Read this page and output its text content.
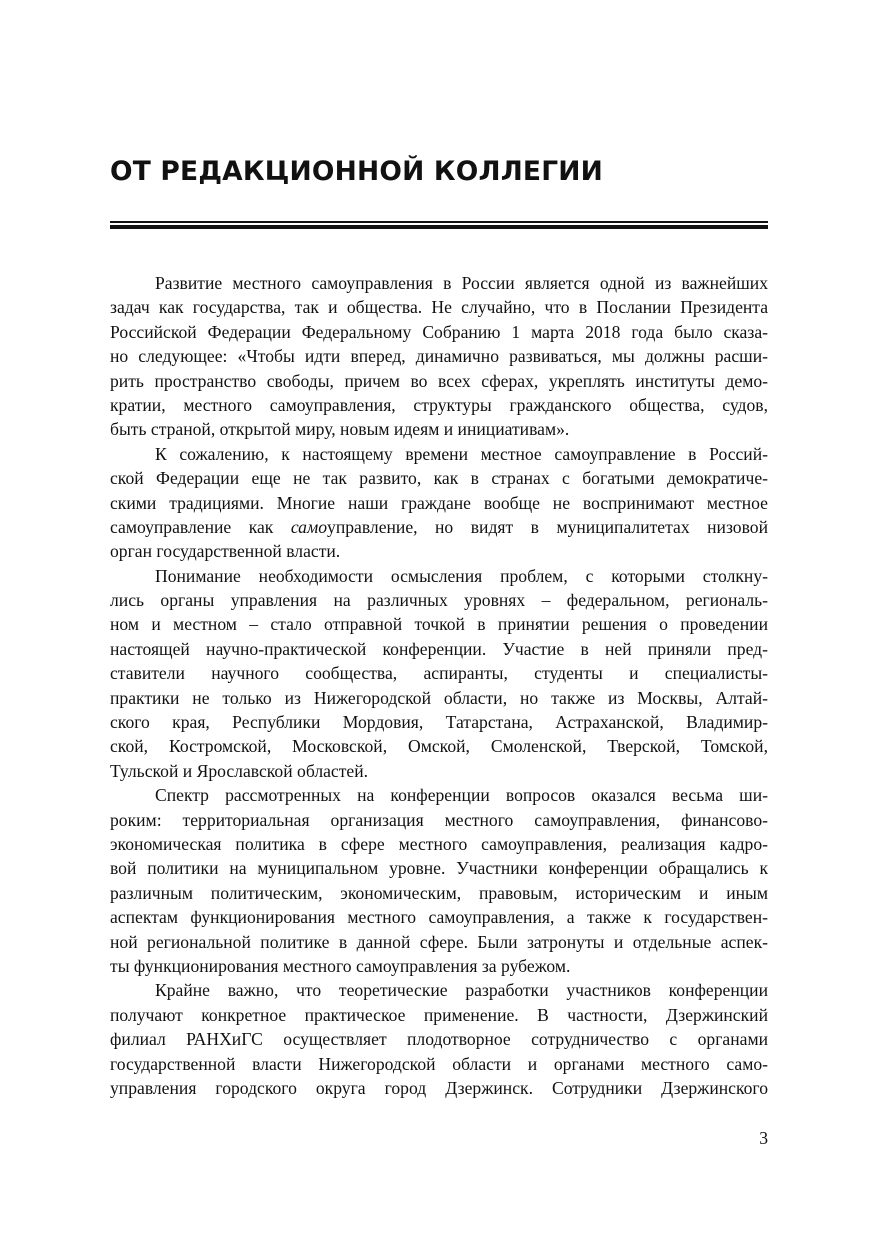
ОТ РЕДАКЦИОННОЙ КОЛЛЕГИИ

Развитие местного самоуправления в России является одной из важнейших
задач как государства, так и общества. Не случайно, что в Послании Президента
Российской Федерации Федеральному Собранию 1 марта 2018 года было сказа-
но следующее: «Чтобы идти вперед, динамично развиваться, мы должны расши-
рить пространство свободы, причем во всех сферах, укреплять институты демо-
кратии, местного самоуправления, структуры гражданского общества, судов,
быть страной, открытой миру, новым идеям и инициативам».

К сожалению, к настоящему времени местное самоуправление в Россий-
ской Федерации еще не так развито, как в странах с богатыми демократиче-
скими традициями. Многие наши граждане вообще не воспринимают местное
самоуправление как самоуправление, но видят в муниципалитетах низовой
орган государственной власти.

Понимание необходимости осмысления проблем, с которыми столкну-
лись органы управления на различных уровнях – федеральном, региональ-
ном и местном – стало отправной точкой в принятии решения о проведении
настоящей научно-практической конференции. Участие в ней приняли пред-
ставители научного сообщества, аспиранты, студенты и специалисты-
практики не только из Нижегородской области, но также из Москвы, Алтай-
ского края, Республики Мордовия, Татарстана, Астраханской, Владимир-
ской, Костромской, Московской, Омской, Смоленской, Тверской, Томской,
Тульской и Ярославской областей.

Спектр рассмотренных на конференции вопросов оказался весьма ши-
роким: территориальная организация местного самоуправления, финансово-
экономическая политика в сфере местного самоуправления, реализация кадро-
вой политики на муниципальном уровне. Участники конференции обращались к
различным политическим, экономическим, правовым, историческим и иным
аспектам функционирования местного самоуправления, а также к государствен-
ной региональной политике в данной сфере. Были затронуты и отдельные аспек-
ты функционирования местного самоуправления за рубежом.

Крайне важно, что теоретические разработки участников конференции
получают конкретное практическое применение. В частности, Дзержинский
филиал РАНХиГС осуществляет плодотворное сотрудничество с органами
государственной власти Нижегородской области и органами местного само-
управления городского округа город Дзержинск. Сотрудники Дзержинского

3
